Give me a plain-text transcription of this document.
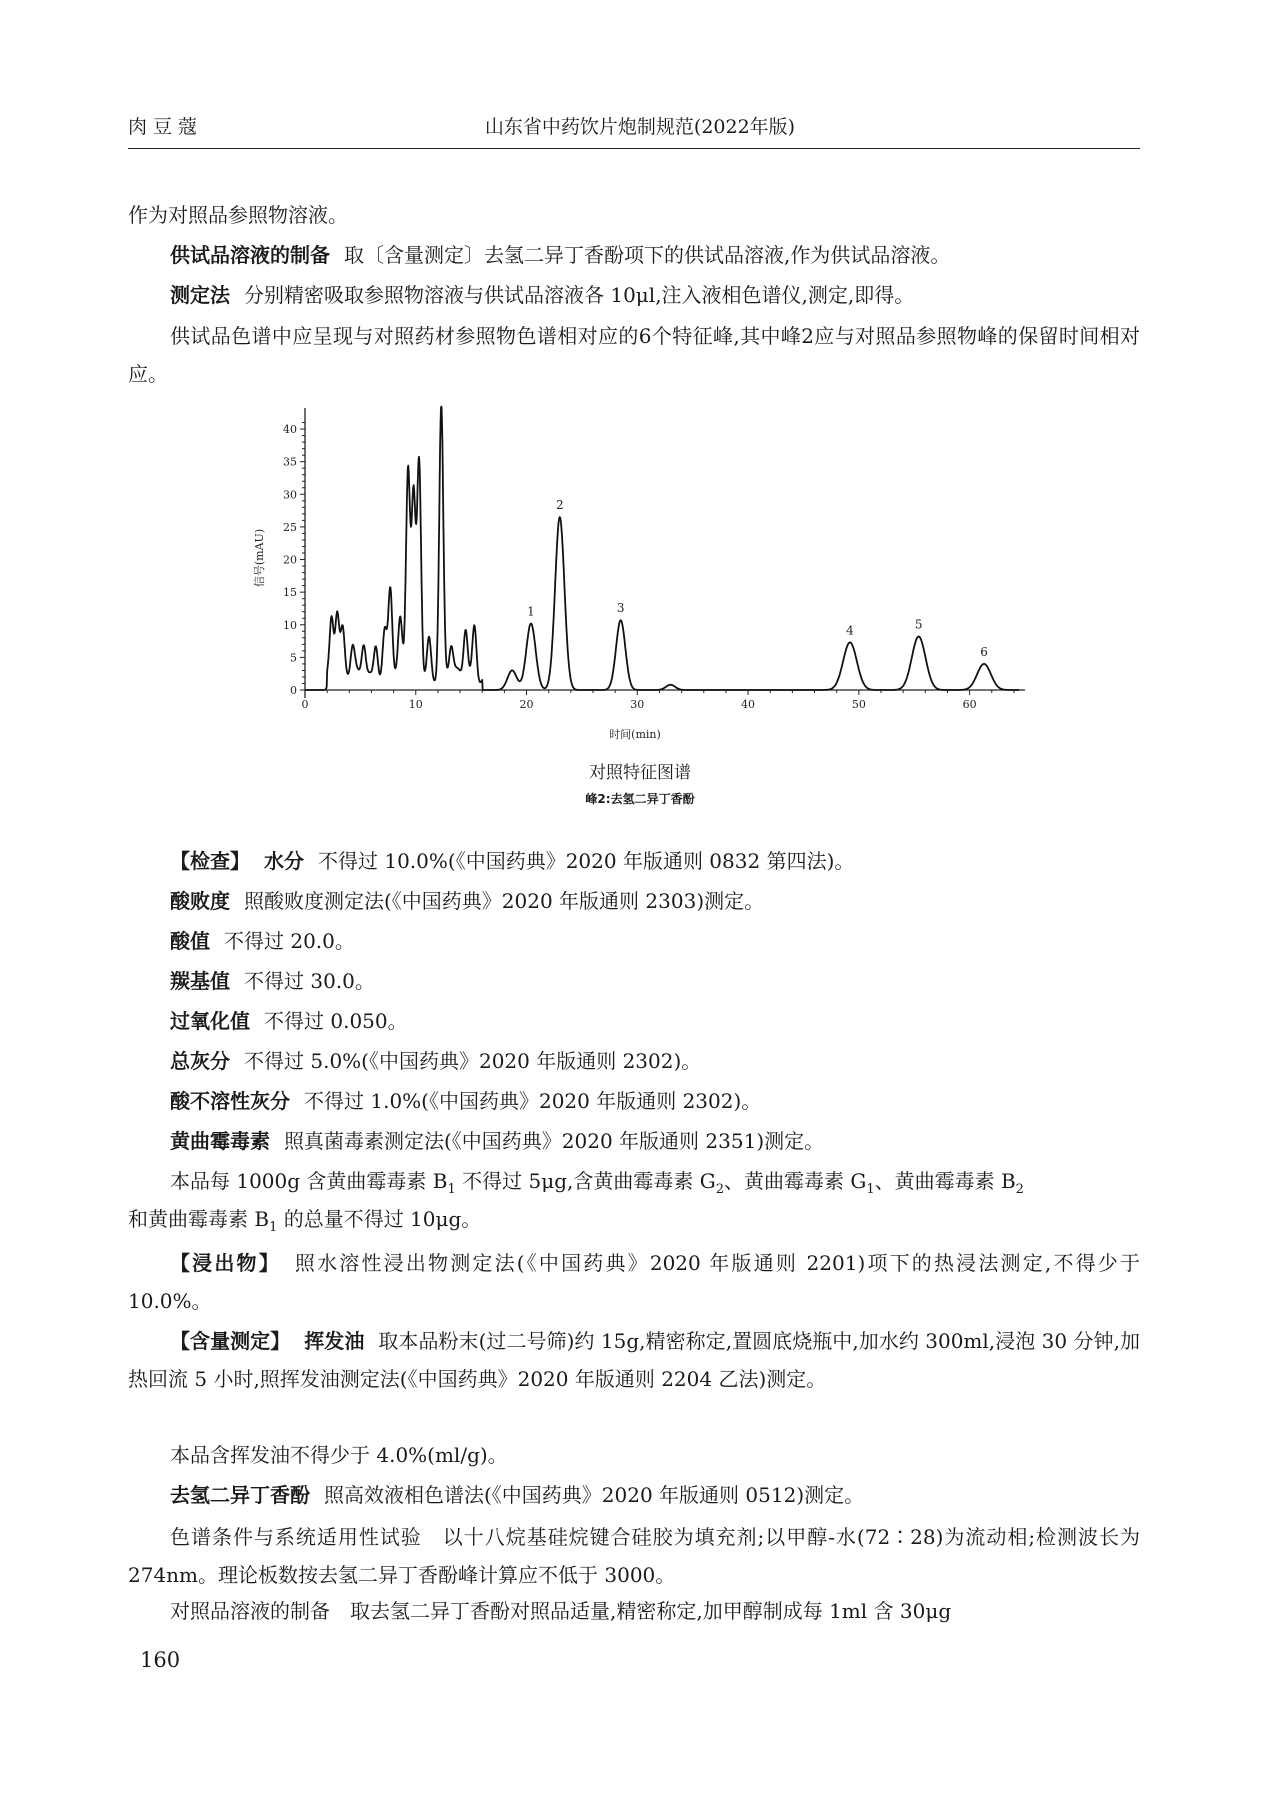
肉豆蔻	山东省中药饮片炮制规范(2022年版)
作为对照品参照物溶液。
供试品溶液的制备 取〔含量测定〕去氢二异丁香酚项下的供试品溶液,作为供试品溶液。
测定法 分别精密吸取参照物溶液与供试品溶液各 10μl,注入液相色谱仪,测定,即得。
供试品色谱中应呈现与对照药材参照物色谱相对应的6个特征峰,其中峰2应与对照品参照物峰的保留时间相对应。
0	10	20	30	40	50	60
0
5
10
15
20
25
30
35
40
1
2
3
4	5
6
时间(min)
信号(mAU)
对照特征图谱
峰2:去氢二异丁香酚
【检查】 水分 不得过 10.0%(《中国药典》2020 年版通则 0832 第四法)。
酸败度 照酸败度测定法(《中国药典》2020 年版通则 2303)测定。
酸值 不得过 20.0。
羰基值 不得过 30.0。
过氧化值 不得过 0.050。
总灰分 不得过 5.0%(《中国药典》2020 年版通则 2302)。
酸不溶性灰分 不得过 1.0%(《中国药典》2020 年版通则 2302)。
黄曲霉毒素 照真菌毒素测定法(《中国药典》2020 年版通则 2351)测定。
本品每 1000g 含黄曲霉毒素 $B_1$ 不得过 5μg,含黄曲霉毒素 $G_2$、黄曲霉毒素 $G_1$、黄曲霉毒素 $B_2$
和黄曲霉毒素 $B_1$ 的总量不得过 10μg。
【浸出物】 照水溶性浸出物测定法(《中国药典》2020 年版通则 2201)项下的热浸法测定,不得少于 10.0%。
【含量测定】 挥发油 取本品粉末(过二号筛)约 15g,精密称定,置圆底烧瓶中,加水约 300ml,浸泡 30 分钟,加热回流 5 小时,照挥发油测定法(《中国药典》2020 年版通则 2204 乙法)测定。
本品含挥发油不得少于 4.0%(ml/g)。
去氢二异丁香酚 照高效液相色谱法(《中国药典》2020 年版通则 0512)测定。
色谱条件与系统适用性试验　以十八烷基硅烷键合硅胶为填充剂;以甲醇-水(72∶28)为流动相;检测波长为 274nm。理论板数按去氢二异丁香酚峰计算应不低于 3000。
对照品溶液的制备　取去氢二异丁香酚对照品适量,精密称定,加甲醇制成每 1ml 含 30μg
160
